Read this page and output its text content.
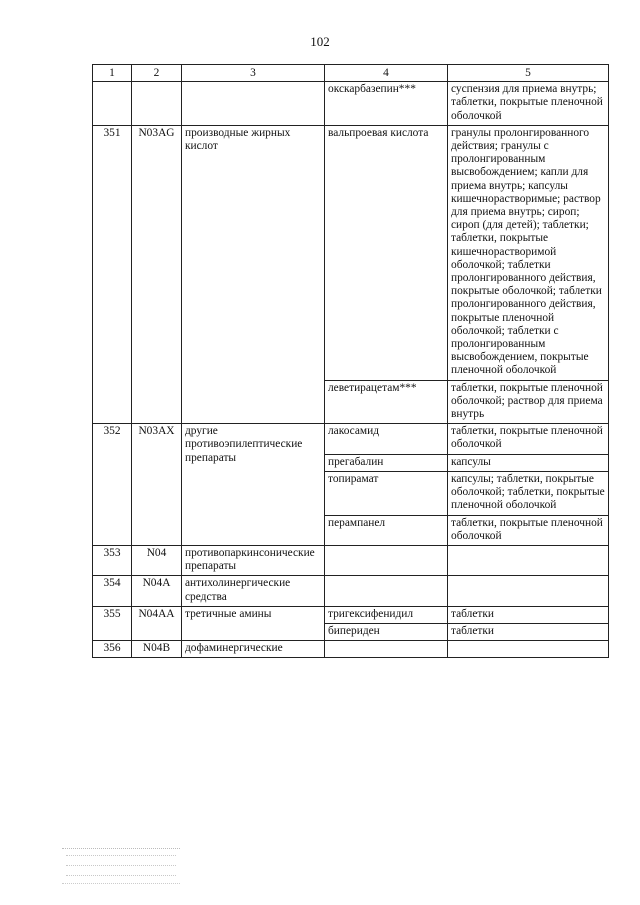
102
1	2	3	4	5
			окскарбазепин***	суспензия для приема внутрь; таблетки, покрытые пленочной оболочкой
351	N03AG	производные жирных кислот	вальпроевая кислота	гранулы пролонгированного действия; гранулы с пролонгированным высвобождением; капли для приема внутрь; капсулы кишечнорастворимые; раствор для приема внутрь; сироп; сироп (для детей); таблетки; таблетки, покрытые кишечнорастворимой оболочкой; таблетки пролонгированного действия, покрытые оболочкой; таблетки пролонгированного действия, покрытые пленочной оболочкой; таблетки с пролонгированным высвобождением, покрытые пленочной оболочкой
			леветирацетам***	таблетки, покрытые пленочной оболочкой; раствор для приема внутрь
352	N03AX	другие противоэпилептические препараты	лакосамид	таблетки, покрытые пленочной оболочкой
			прегабалин	капсулы
			топирамат	капсулы; таблетки, покрытые оболочкой; таблетки, покрытые пленочной оболочкой
			перампанел	таблетки, покрытые пленочной оболочкой
353	N04	противопаркинсонические препараты		
354	N04A	антихолинергические средства		
355	N04AA	третичные амины	тригексифенидил	таблетки
			бипериден	таблетки
356	N04B	дофаминергические		
